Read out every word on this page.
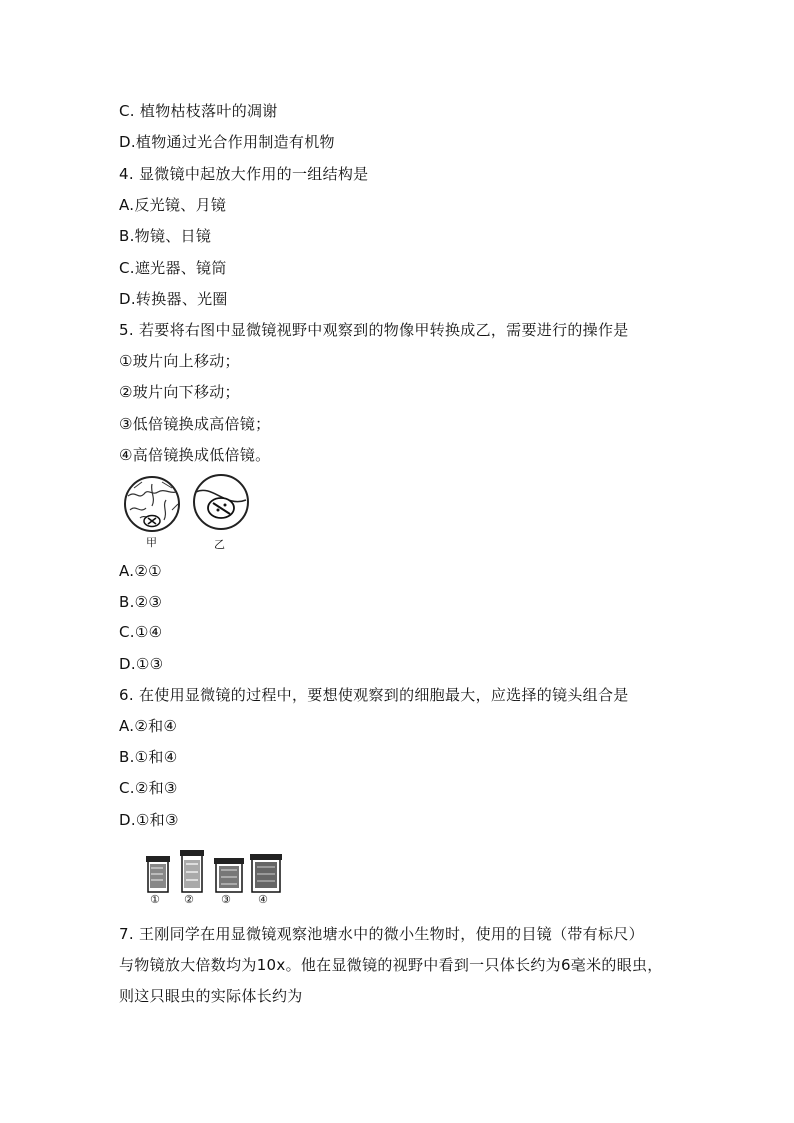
C. 植物枯枝落叶的凋谢
D.植物通过光合作用制造有机物
4. 显微镜中起放大作用的一组结构是
A.反光镜、月镜
B.物镜、日镜
C.遮光器、镜筒
D.转换器、光圈
5. 若要将右图中显微镜视野中观察到的物像甲转换成乙，需要进行的操作是
①玻片向上移动；
②玻片向下移动；
③低倍镜换成高倍镜；
④高倍镜换成低倍镜。
甲	乙
A.②①
B.②③
C.①④
D.①③
6. 在使用显微镜的过程中，要想使观察到的细胞最大，应选择的镜头组合是
A.②和④
B.①和④
C.②和③
D.①和③
① ② ③ ④
7. 王刚同学在用显微镜观察池塘水中的微小生物时，使用的目镜（带有标尺）
与物镜放大倍数均为10x。他在显微镜的视野中看到一只体长约为6毫米的眼虫，
则这只眼虫的实际体长约为
